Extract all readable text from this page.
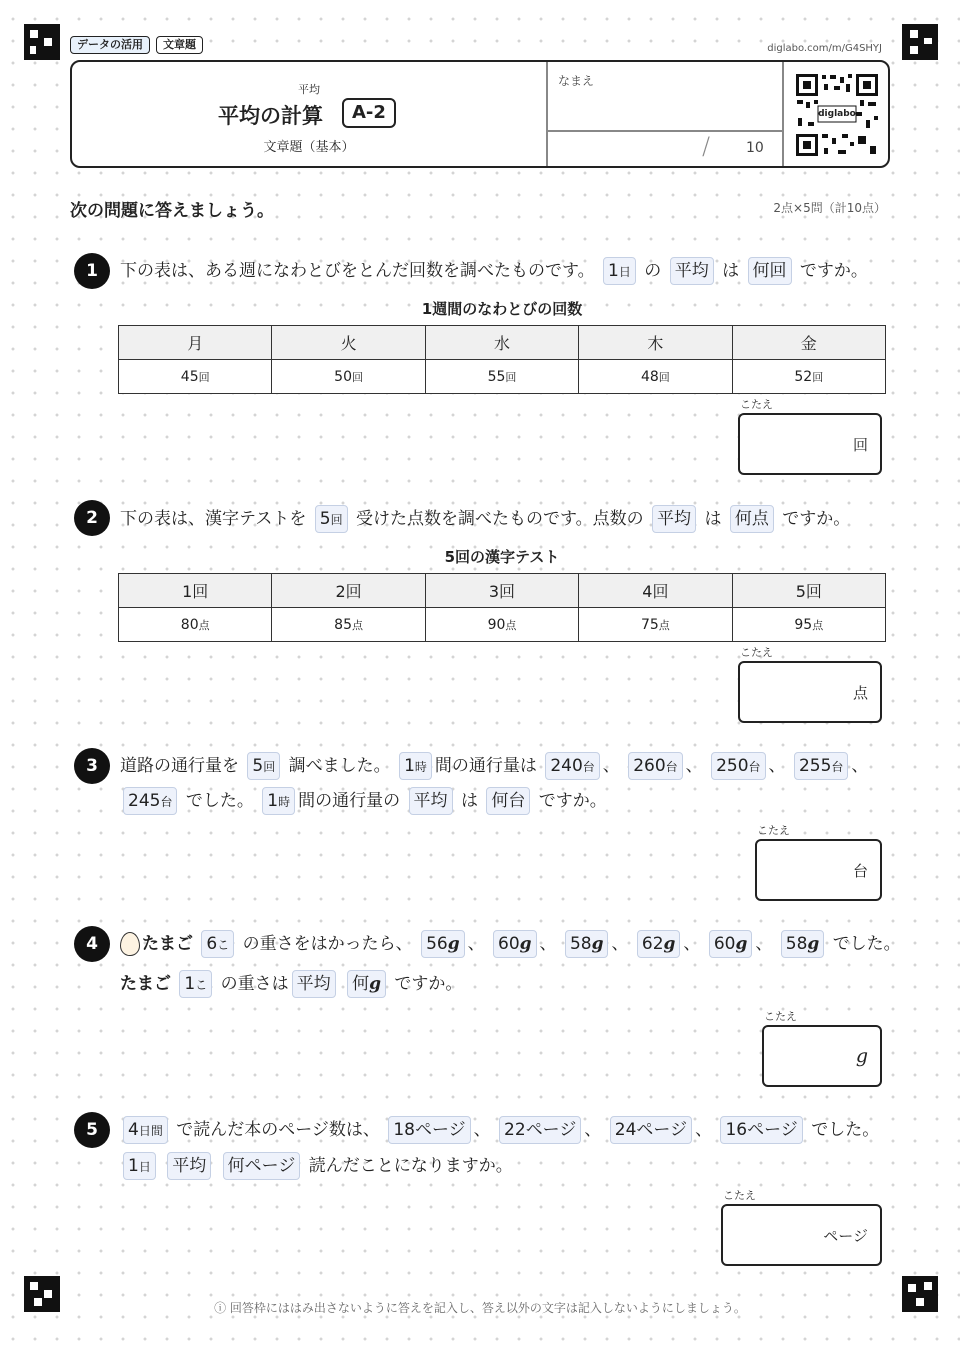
データの活用	文章題	diglabo.com/m/G4SHYJ
平均
平均の計算	A-2
文章題（基本）
なまえ
/	10
diglabo
次の問題に答えましょう。	2点×5問（計10点）
1	下の表は、ある週になわとびをとんだ回数を調べたものです。 1日 の 平均 は 何回 ですか。
1週間のなわとびの回数
月	火	水	木	金
45回	50回	55回	48回	52回
こたえ
回
2	下の表は、漢字テストを 5回 受けた点数を調べたものです。点数の 平均 は 何点 ですか。
5回の漢字テスト
1回	2回	3回	4回	5回
80点	85点	90点	75点	95点
こたえ
点
3	道路の通行量を 5回 調べました。 1時 間の通行量は 240台 、 260台 、 250台 、 255台 、
245台 でした。 1時 間の通行量の 平均 は 何台 ですか。
こたえ
台
4	たまご 6こ の重さをはかったら、 56g 、 60g 、 58g 、 62g 、 60g 、 58g でした。
たまご 1こ の重さは 平均 何g ですか。
こたえ
g
5	4日間 で読んだ本のページ数は、 18ページ 、 22ページ 、 24ページ 、 16ページ でした。
1日 平均 何ページ 読んだことになりますか。
こたえ
ページ
ⓘ 回答枠にははみ出さないように答えを記入し、答え以外の文字は記入しないようにしましょう。
